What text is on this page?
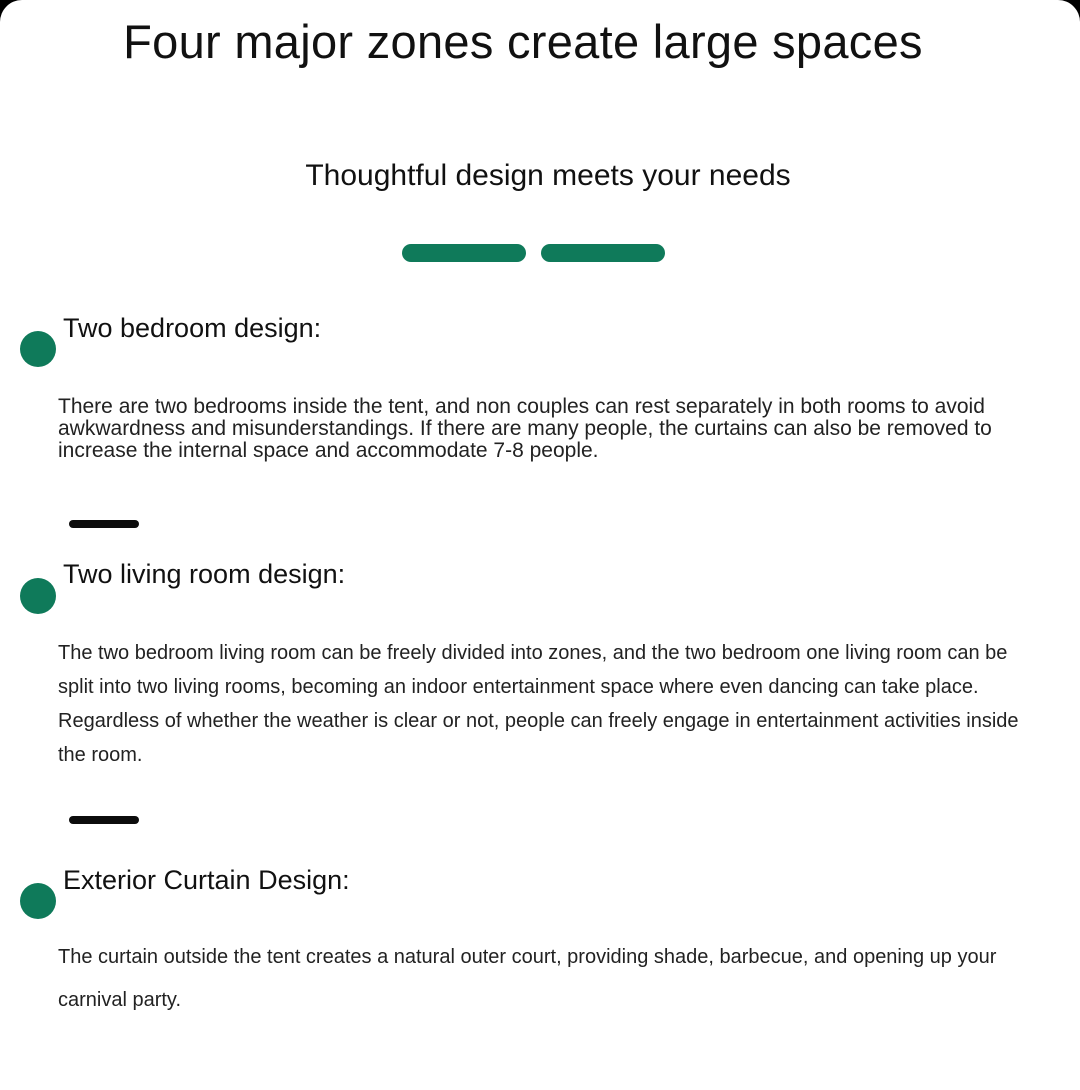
Four major zones create large spaces
Thoughtful design meets your needs
Two bedroom design:
There are two bedrooms inside the tent, and non couples can rest separately in both rooms to avoid awkwardness and misunderstandings. If there are many people, the curtains can also be removed to increase the internal space and accommodate 7-8 people.
Two living room design:
The two bedroom living room can be freely divided into zones, and the two bedroom one living room can be split into two living rooms, becoming an indoor entertainment space where even dancing can take place. Regardless of whether the weather is clear or not, people can freely engage in entertainment activities inside the room.
Exterior Curtain Design:
The curtain outside the tent creates a natural outer court, providing shade, barbecue, and opening up your carnival party.
